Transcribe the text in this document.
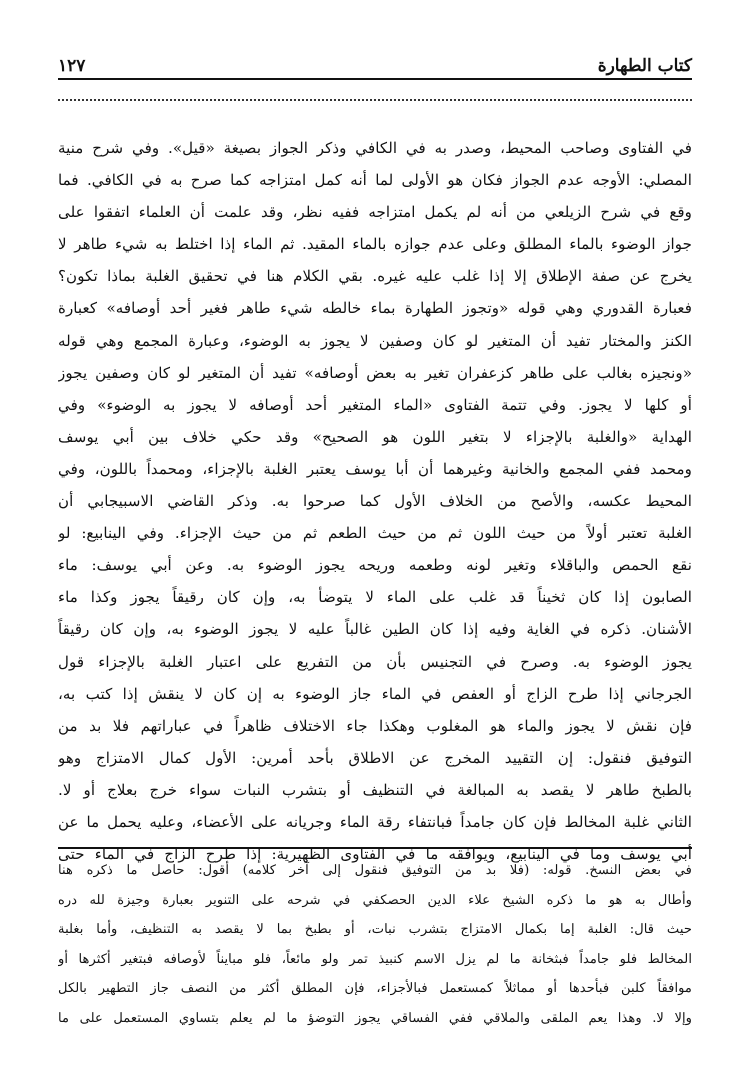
كتاب الطهارة
١٢٧
في الفتاوى وصاحب المحيط، وصدر به في الكافي وذكر الجواز بصيغة «قيل». وفي شرح منية
المصلي: الأوجه عدم الجواز فكان هو الأولى لما أنه كمل امتزاجه كما صرح به في الكافي. فما
وقع في شرح الزيلعي من أنه لم يكمل امتزاجه ففيه نظر، وقد علمت أن العلماء اتفقوا على
جواز الوضوء بالماء المطلق وعلى عدم جوازه بالماء المقيد. ثم الماء إذا اختلط به شيء طاهر لا
يخرج عن صفة الإطلاق إلا إذا غلب عليه غيره. بقي الكلام هنا في تحقيق الغلبة بماذا تكون؟
فعبارة القدوري وهي قوله «وتجوز الطهارة بماء خالطه شيء طاهر فغير أحد أوصافه» كعبارة
الكنز والمختار تفيد أن المتغير لو كان وصفين لا يجوز به الوضوء، وعبارة المجمع وهي قوله
«ونجيزه بغالب على طاهر كزعفران تغير به بعض أوصافه» تفيد أن المتغير لو كان وصفين يجوز
أو كلها لا يجوز. وفي تتمة الفتاوى «الماء المتغير أحد أوصافه لا يجوز به الوضوء» وفي
الهداية «والغلبة بالإجزاء لا بتغير اللون هو الصحيح» وقد حكي خلاف بين أبي يوسف
ومحمد ففي المجمع والخانية وغيرهما أن أبا يوسف يعتبر الغلبة بالإجزاء، ومحمداً باللون، وفي
المحيط عكسه، والأصح من الخلاف الأول كما صرحوا به. وذكر القاضي الاسبيجابي أن
الغلبة تعتبر أولاً من حيث اللون ثم من حيث الطعم ثم من حيث الإجزاء. وفي الينابيع: لو
نقع الحمص والباقلاء وتغير لونه وطعمه وريحه يجوز الوضوء به. وعن أبي يوسف: ماء
الصابون إذا كان ثخيناً قد غلب على الماء لا يتوضأ به، وإن كان رقيقاً يجوز وكذا ماء
الأشنان. ذكره في الغاية وفيه إذا كان الطين غالباً عليه لا يجوز الوضوء به، وإن كان رقيقاً
يجوز الوضوء به. وصرح في التجنيس بأن من التفريع على اعتبار الغلبة بالإجزاء قول
الجرجاني إذا طرح الزاج أو العفص في الماء جاز الوضوء به إن كان لا ينقش إذا كتب به،
فإن نقش لا يجوز والماء هو المغلوب وهكذا جاء الاختلاف ظاهراً في عباراتهم فلا بد من
التوفيق فنقول: إن التقييد المخرج عن الاطلاق بأحد أمرين: الأول كمال الامتزاج وهو
بالطبخ طاهر لا يقصد به المبالغة في التنظيف أو بتشرب النبات سواء خرج بعلاج أو لا.
الثاني غلبة المخالط فإن كان جامداً فبانتفاء رقة الماء وجريانه على الأعضاء، وعليه يحمل ما عن
أبي يوسف وما في الينابيع، ويوافقه ما في الفتاوى الظهيرية: إذا طرح الزاج في الماء حتى
في بعض النسخ. قوله: (فلا بد من التوفيق فنقول إلى آخر كلامه) أقول: حاصل ما ذكره هنا
وأطال به هو ما ذكره الشيخ علاء الدين الحصكفي في شرحه على التنوير بعبارة وجيزة لله دره
حيث قال: الغلبة إما بكمال الامتزاج بتشرب نبات، أو بطبخ بما لا يقصد به التنظيف، وأما بغلبة
المخالط فلو جامداً فبثخانة ما لم يزل الاسم كنبيذ تمر ولو مائعاً، فلو مبايناً لأوصافه فبتغير أكثرها أو
موافقاً كلبن فبأحدها أو مماثلاً كمستعمل فبالأجزاء، فإن المطلق أكثر من النصف جاز التطهير بالكل
وإلا لا. وهذا يعم الملقى والملاقي ففي الفساقي يجوز التوضؤ ما لم يعلم بتساوي المستعمل على ما
